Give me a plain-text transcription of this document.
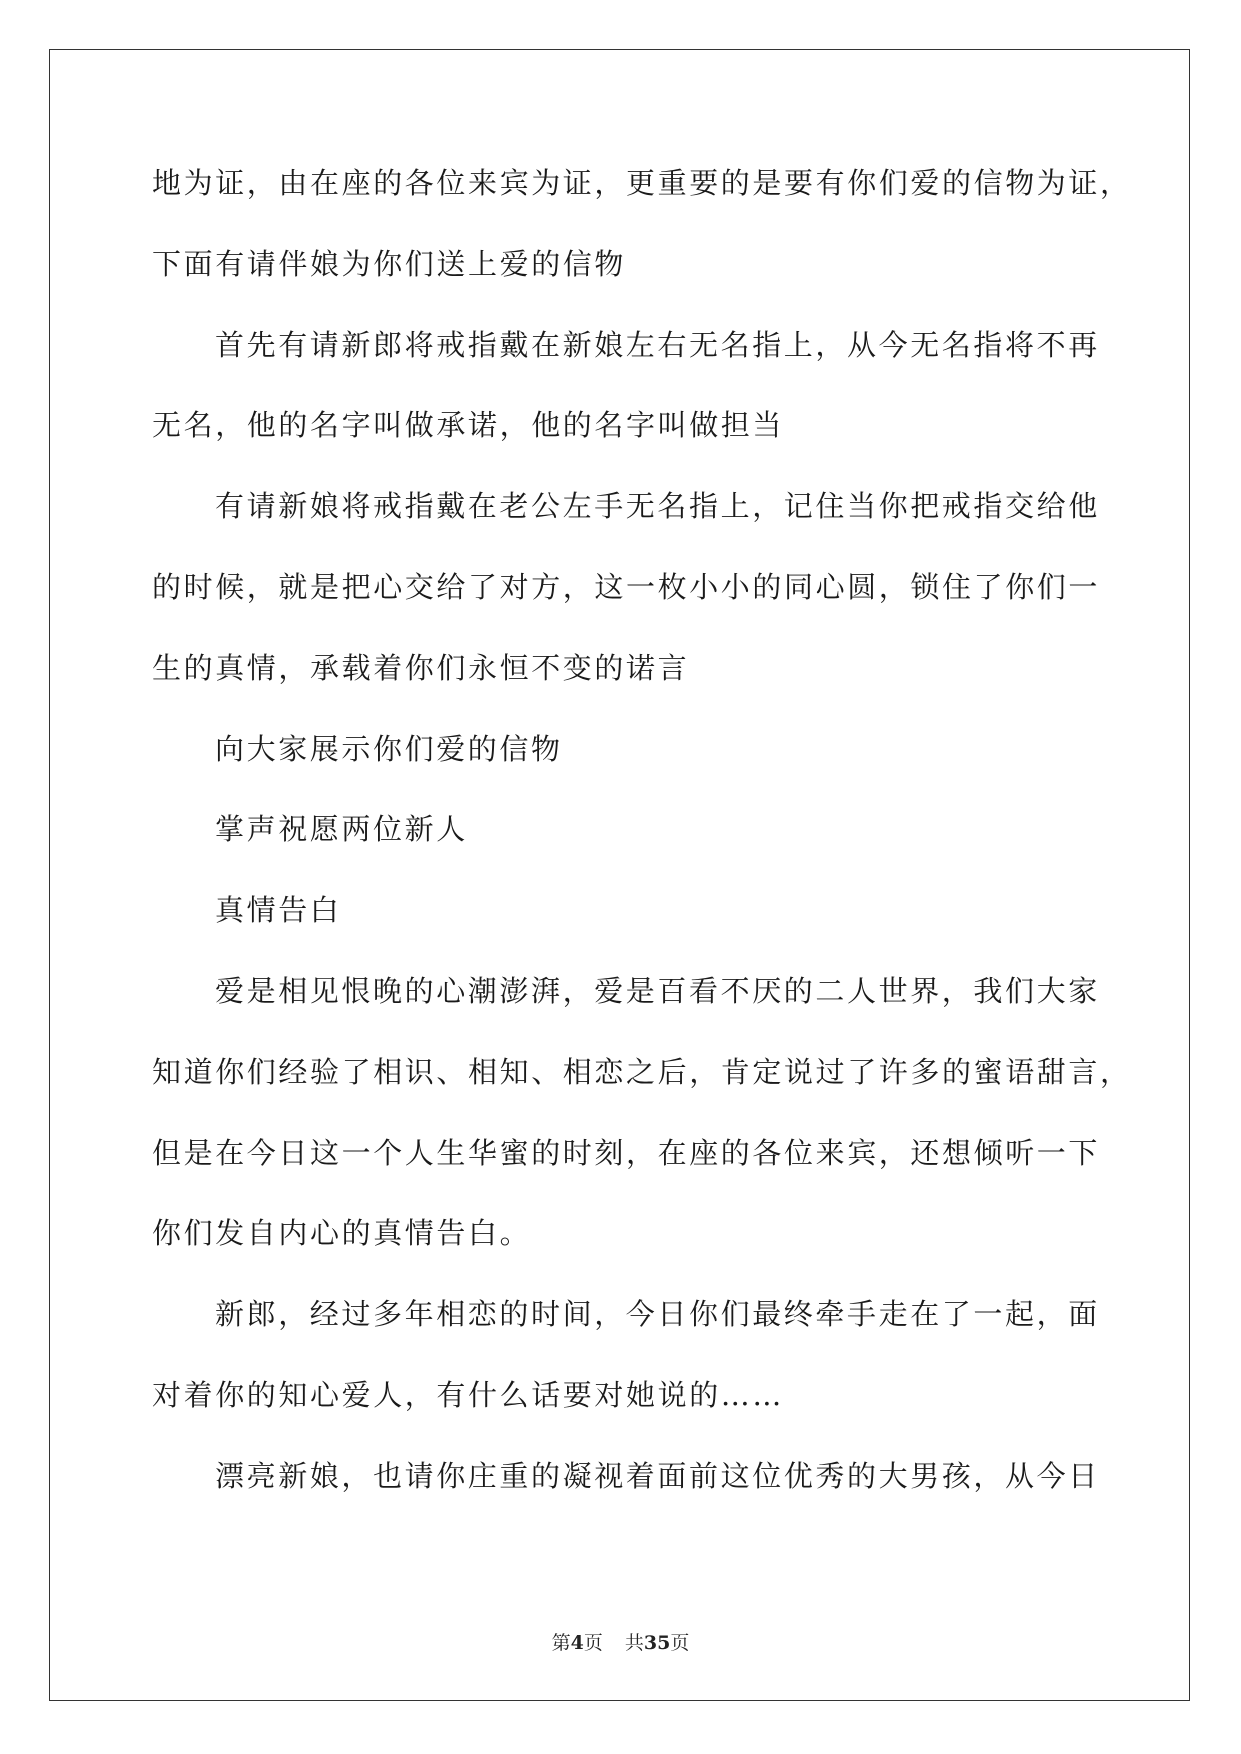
地为证，由在座的各位来宾为证，更重要的是要有你们爱的信物为证，
下面有请伴娘为你们送上爱的信物
首先有请新郎将戒指戴在新娘左右无名指上，从今无名指将不再
无名，他的名字叫做承诺，他的名字叫做担当
有请新娘将戒指戴在老公左手无名指上，记住当你把戒指交给他
的时候，就是把心交给了对方，这一枚小小的同心圆，锁住了你们一
生的真情，承载着你们永恒不变的诺言
向大家展示你们爱的信物
掌声祝愿两位新人
真情告白
爱是相见恨晚的心潮澎湃，爱是百看不厌的二人世界，我们大家
知道你们经验了相识、相知、相恋之后，肯定说过了许多的蜜语甜言，
但是在今日这一个人生华蜜的时刻，在座的各位来宾，还想倾听一下
你们发自内心的真情告白。
新郎，经过多年相恋的时间，今日你们最终牵手走在了一起，面
对着你的知心爱人，有什么话要对她说的……
漂亮新娘，也请你庄重的凝视着面前这位优秀的大男孩，从今日
第4页 共35页
